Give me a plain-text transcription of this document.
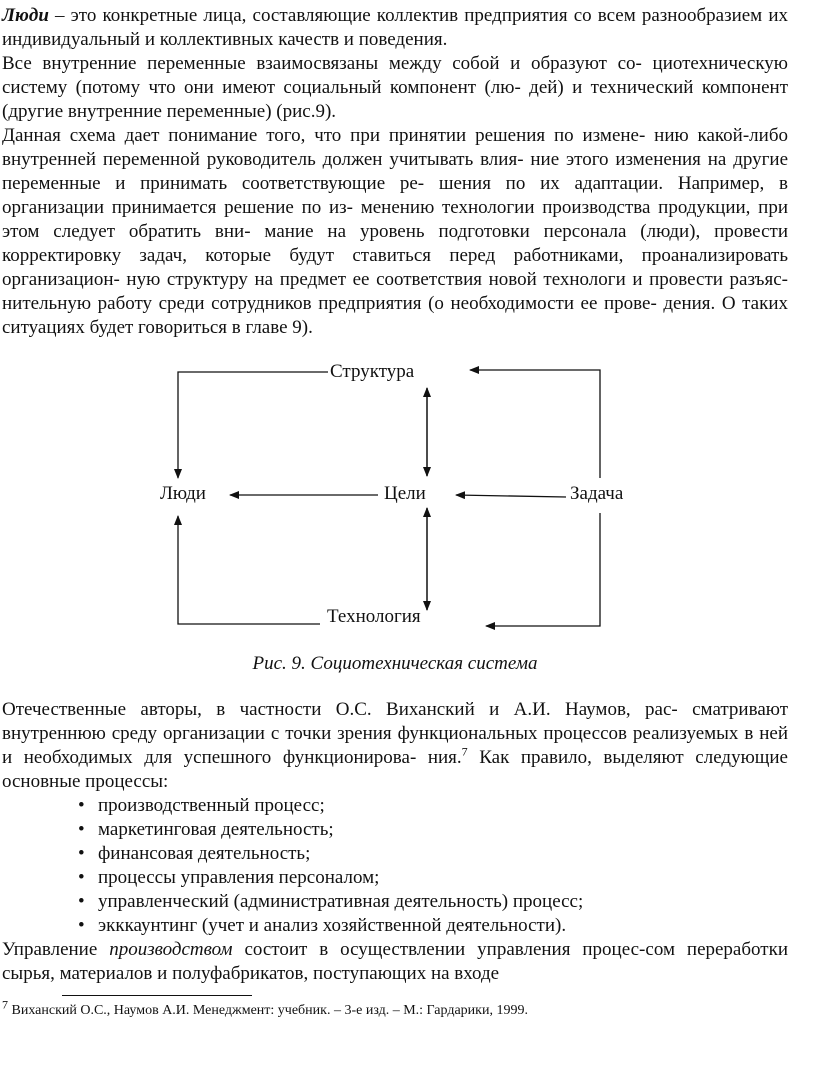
Люди – это конкретные лица, составляющие коллектив предприятия со всем разнообразием их индивидуальный и коллективных качеств и поведения.

Все внутренние переменные взаимосвязаны между собой и образуют со- циотехническую систему (потому что они имеют социальный компонент (лю- дей) и технический компонент (другие внутренние переменные) (рис.9).

Данная схема дает понимание того, что при принятии решения по измене- нию какой-либо внутренней переменной руководитель должен учитывать влия- ние этого изменения на другие переменные и принимать соответствующие ре- шения по их адаптации. Например, в организации принимается решение по из- менению технологии производства продукции, при этом следует обратить вни- мание на уровень подготовки персонала (люди), провести корректировку задач, которые будут ставиться перед работниками, проанализировать организацион- ную структуру на предмет ее соответствия новой технологи и провести разъяс- нительную работу среди сотрудников предприятия (о необходимости ее прове- дения. О таких ситуациях будет говориться в главе 9).

Структура
Люди	Цели	Задача
Технология

Рис. 9. Социотехническая система

Отечественные авторы, в частности О.С. Виханский и А.И. Наумов, рас- сматривают внутреннюю среду организации с точки зрения функциональных процессов реализуемых в ней и необходимых для успешного функционирова- ния.$^7$ Как правило, выделяют следующие основные процессы:

• производственный процесс;
• маркетинговая деятельность;
• финансовая деятельность;
• процессы управления персоналом;
• управленческий (административная деятельность) процесс;
• экккаунтинг (учет и анализ хозяйственной деятельности).

Управление производством состоит в осуществлении управления процес-сом переработки сырья, материалов и полуфабрикатов, поступающих на входе

$^7$ Виханский О.С., Наумов А.И. Менеджмент: учебник. – 3-е изд. – М.: Гардарики, 1999.
